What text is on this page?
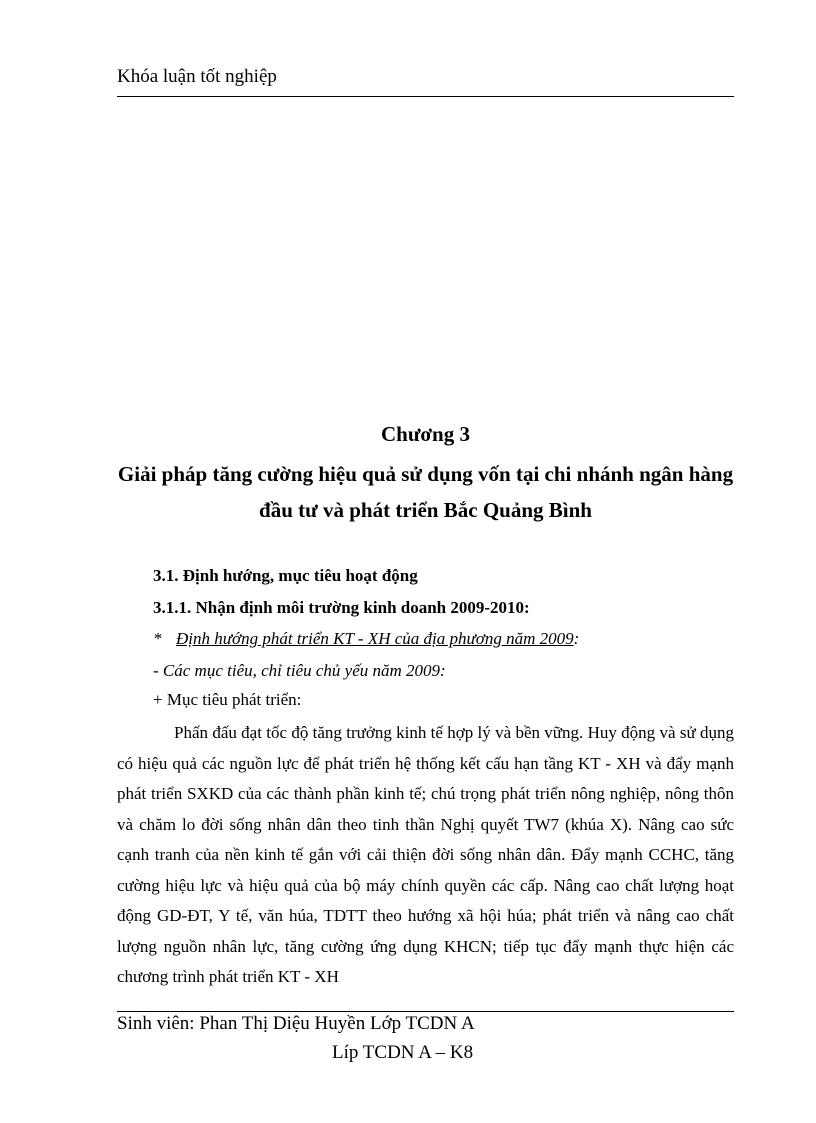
Khóa luận tốt nghiệp
Chương 3
Giải pháp tăng cường hiệu quả sử dụng vốn tại chi nhánh ngân hàng đầu tư và phát triển Bắc Quảng Bình
3.1. Định hướng, mục tiêu hoạt động
3.1.1. Nhận định môi trường kinh doanh 2009-2010:
* Định hướng phát triển KT - XH của địa phương năm 2009:
- Các mục tiêu, chỉ tiêu chủ yếu năm 2009:
+ Mục tiêu phát triển:
Phấn đấu đạt tốc độ tăng trưởng kinh tế hợp lý và bền vững. Huy động và sử dụng có hiệu quả các nguồn lực để phát triển hệ thống kết cấu hạn tầng KT - XH và đẩy mạnh phát triển SXKD của các thành phần kinh tế; chú trọng phát triển nông nghiệp, nông thôn và chăm lo đời sống nhân dân theo tinh thần Nghị quyết TW7 (khúa X). Nâng cao sức cạnh tranh của nền kinh tế gắn với cải thiện đời sống nhân dân. Đẩy mạnh CCHC, tăng cường hiệu lực và hiệu quả của bộ máy chính quyền các cấp. Nâng cao chất lượng hoạt động GD-ĐT, Y tế, văn húa, TDTT theo hướng xã hội húa; phát triển và nâng cao chất lượng nguồn nhân lực, tăng cường ứng dụng KHCN; tiếp tục đẩy mạnh thực hiện các chương trình phát triển KT - XH
Sinh viên: Phan Thị Diệu Huyền Lớp TCDN A
Líp TCDN A – K8
